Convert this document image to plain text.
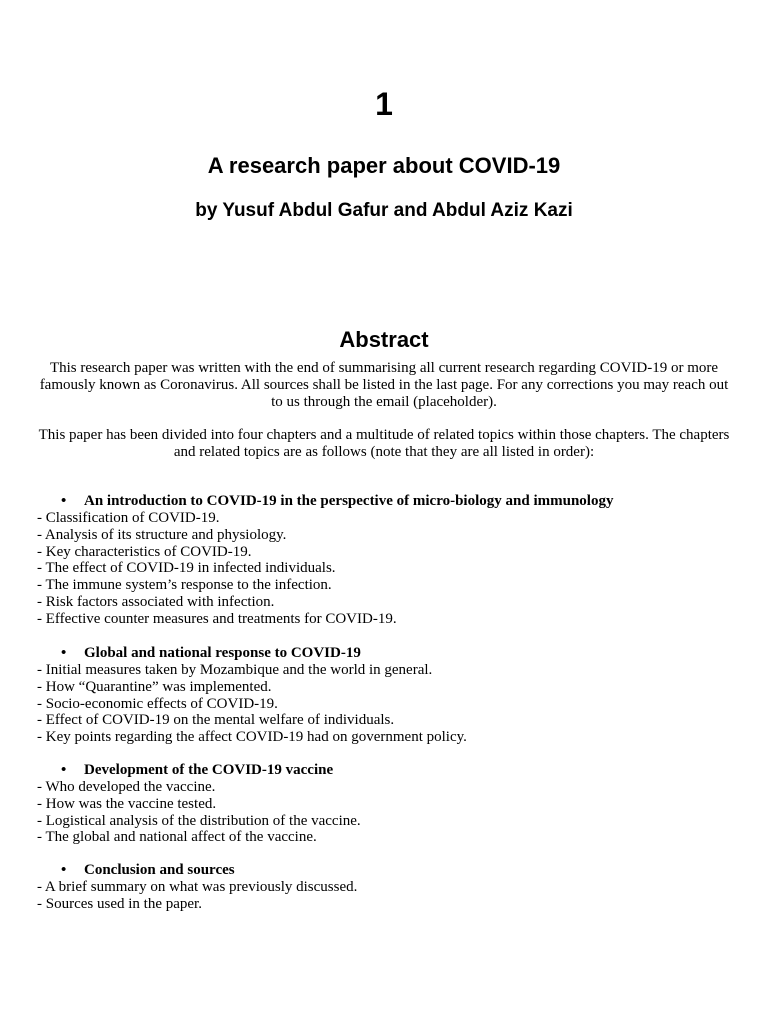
1
A research paper about COVID-19
by Yusuf Abdul Gafur and Abdul Aziz Kazi
Abstract

This research paper was written with the end of summarising all current research regarding COVID-19 or more famously known as Coronavirus. All sources shall be listed in the last page. For any corrections you may reach out to us through the email (placeholder).

This paper has been divided into four chapters and a multitude of related topics within those chapters. The chapters and related topics are as follows (note that they are all listed in order):

• An introduction to COVID-19 in the perspective of micro-biology and immunology

- Classification of COVID-19.

- Analysis of its structure and physiology.

- Key characteristics of COVID-19.

- The effect of COVID-19 in infected individuals.

- The immune system’s response to the infection.

- Risk factors associated with infection.

- Effective counter measures and treatments for COVID-19.

• Global and national response to COVID-19

- Initial measures taken by Mozambique and the world in general.

- How “Quarantine” was implemented.

- Socio-economic effects of COVID-19.

- Effect of COVID-19 on the mental welfare of individuals.

- Key points regarding the affect COVID-19 had on government policy.

• Development of the COVID-19 vaccine

- Who developed the vaccine.

- How was the vaccine tested.

- Logistical analysis of the distribution of the vaccine.

- The global and national affect of the vaccine.

• Conclusion and sources

- A brief summary on what was previously discussed.

- Sources used in the paper.
